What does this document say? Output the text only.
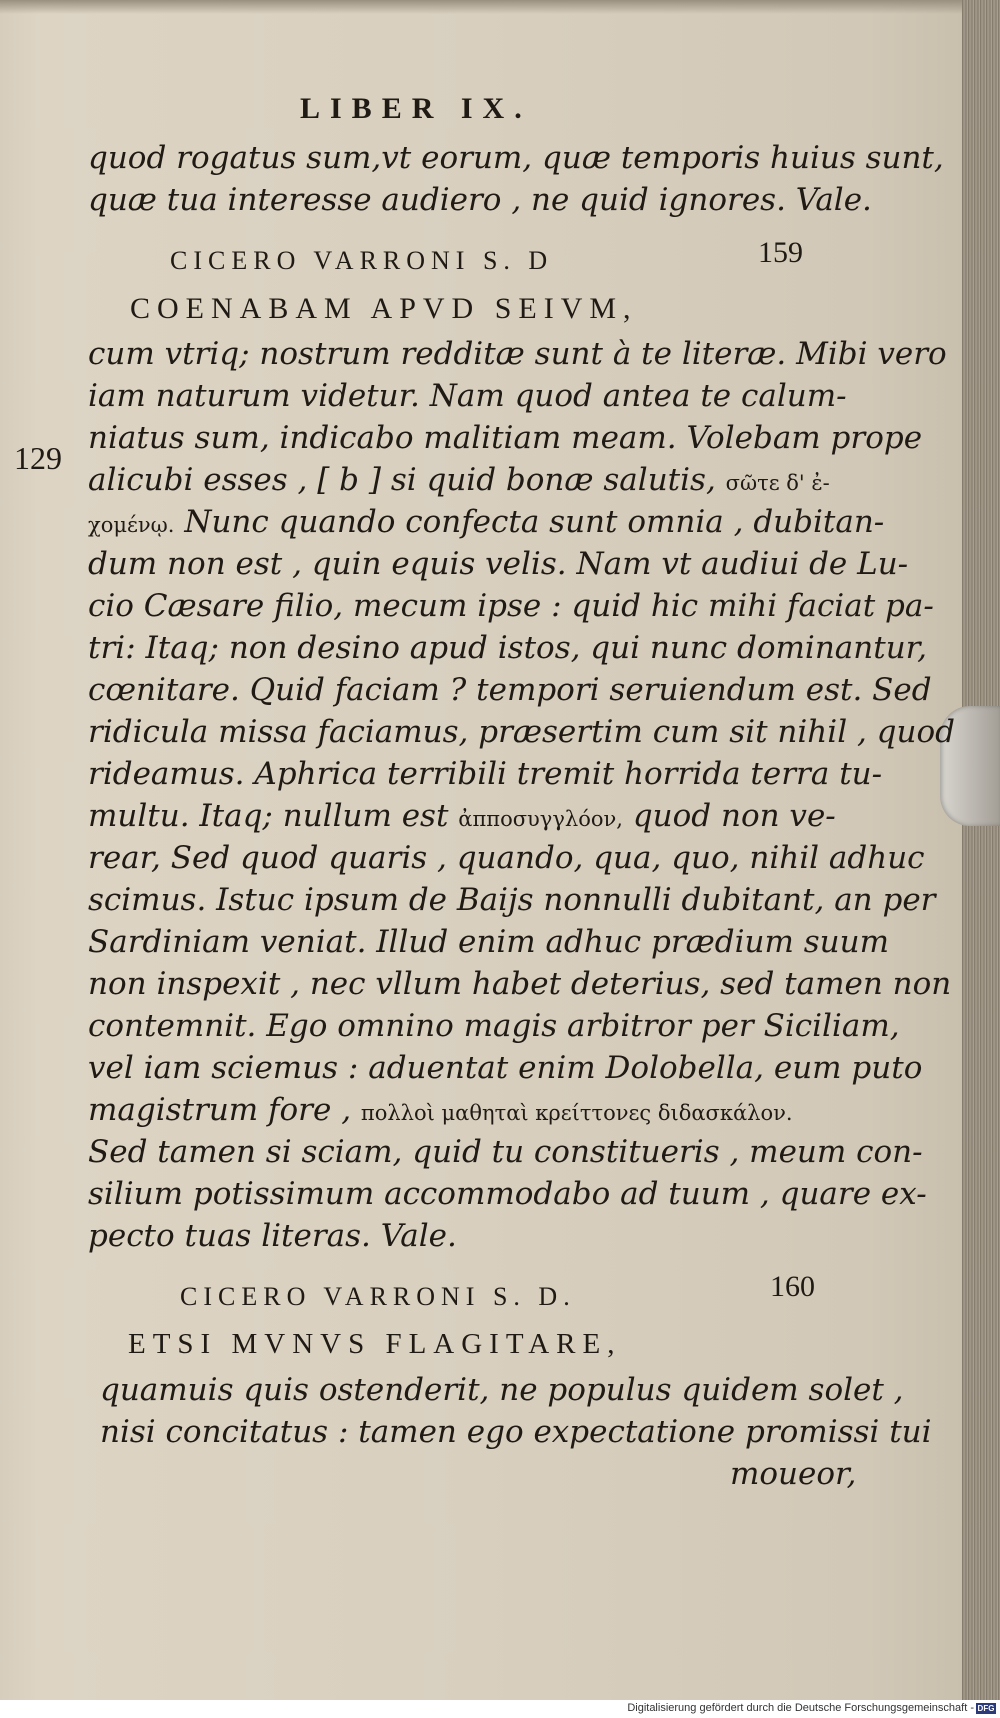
LIBER IX.
quod rogatus sum,vt eorum, quæ temporis huius sunt,
quæ tua interesse audiero , ne quid ignores. Vale.
CICERO VARRONI S. D	159
COENABAM APVD SEIVM,
129
cum vtriq; nostrum redditæ sunt à te literæ. Mibi vero
iam naturum videtur. Nam quod antea te calum-
niatus sum, indicabo malitiam meam. Volebam prope
alicubi esses , [ b ] si quid bonæ salutis, σῶτε δ' ἐ-
χομένῳ. Nunc quando confecta sunt omnia , dubitan-
dum non est , quin equis velis. Nam vt audiui de Lu-
cio Cæsare filio, mecum ipse : quid hic mihi faciat pa-
tri: Itaq; non desino apud istos, qui nunc dominantur,
cœnitare. Quid faciam ? tempori seruiendum est. Sed
ridicula missa faciamus, præsertim cum sit nihil , quod
rideamus. Aphrica terribili tremit horrida terra tu-
multu. Itaq; nullum est ἀπποσυγγλόον, quod non ve-
rear, Sed quod quaris , quando, qua, quo, nihil adhuc
scimus. Istuc ipsum de Baijs nonnulli dubitant, an per
Sardiniam veniat. Illud enim adhuc prædium suum
non inspexit , nec vllum habet deterius, sed tamen non
contemnit. Ego omnino magis arbitror per Siciliam,
vel iam sciemus : aduentat enim Dolobella, eum puto
magistrum fore , πολλοὶ μαθηταὶ κρείττονες διδασκάλον.
Sed tamen si sciam, quid tu constitueris , meum con-
silium potissimum accommodabo ad tuum , quare ex-
pecto tuas literas. Vale.
CICERO VARRONI S. D.	160
ETSI MVNVS FLAGITARE,
quamuis quis ostenderit, ne populus quidem solet ,
nisi concitatus : tamen ego expectatione promissi tui
moueor,
Digitalisierung gefördert durch die Deutsche Forschungsgemeinschaft - DFG
